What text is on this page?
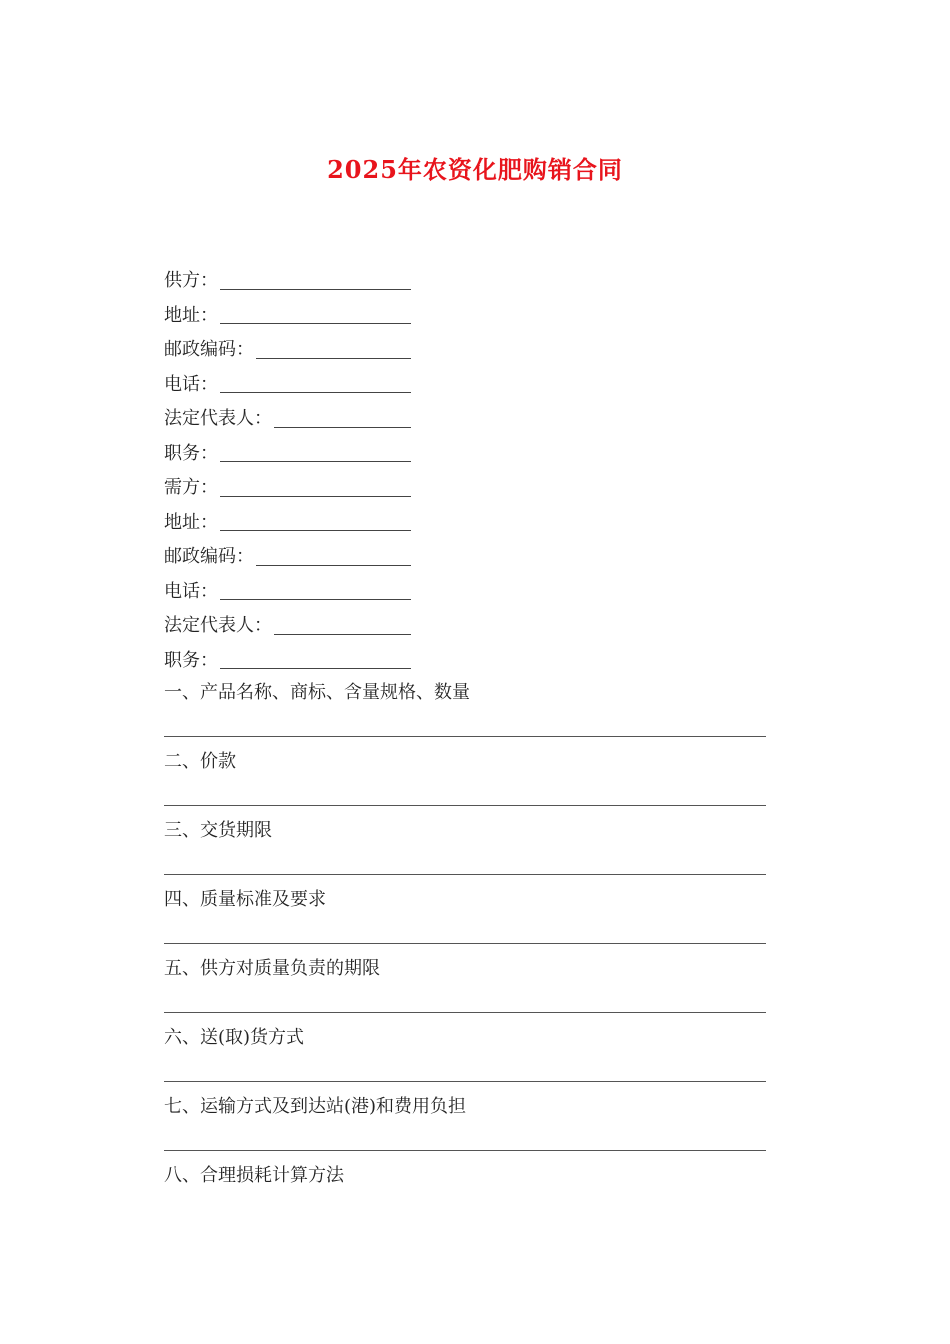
2025年农资化肥购销合同
供方：
地址：
邮政编码：
电话：
法定代表人：
职务：
需方：
地址：
邮政编码：
电话：
法定代表人：
职务：
一、产品名称、商标、含量规格、数量
二、价款
三、交货期限
四、质量标准及要求
五、供方对质量负责的期限
六、送(取)货方式
七、运输方式及到达站(港)和费用负担
八、合理损耗计算方法
